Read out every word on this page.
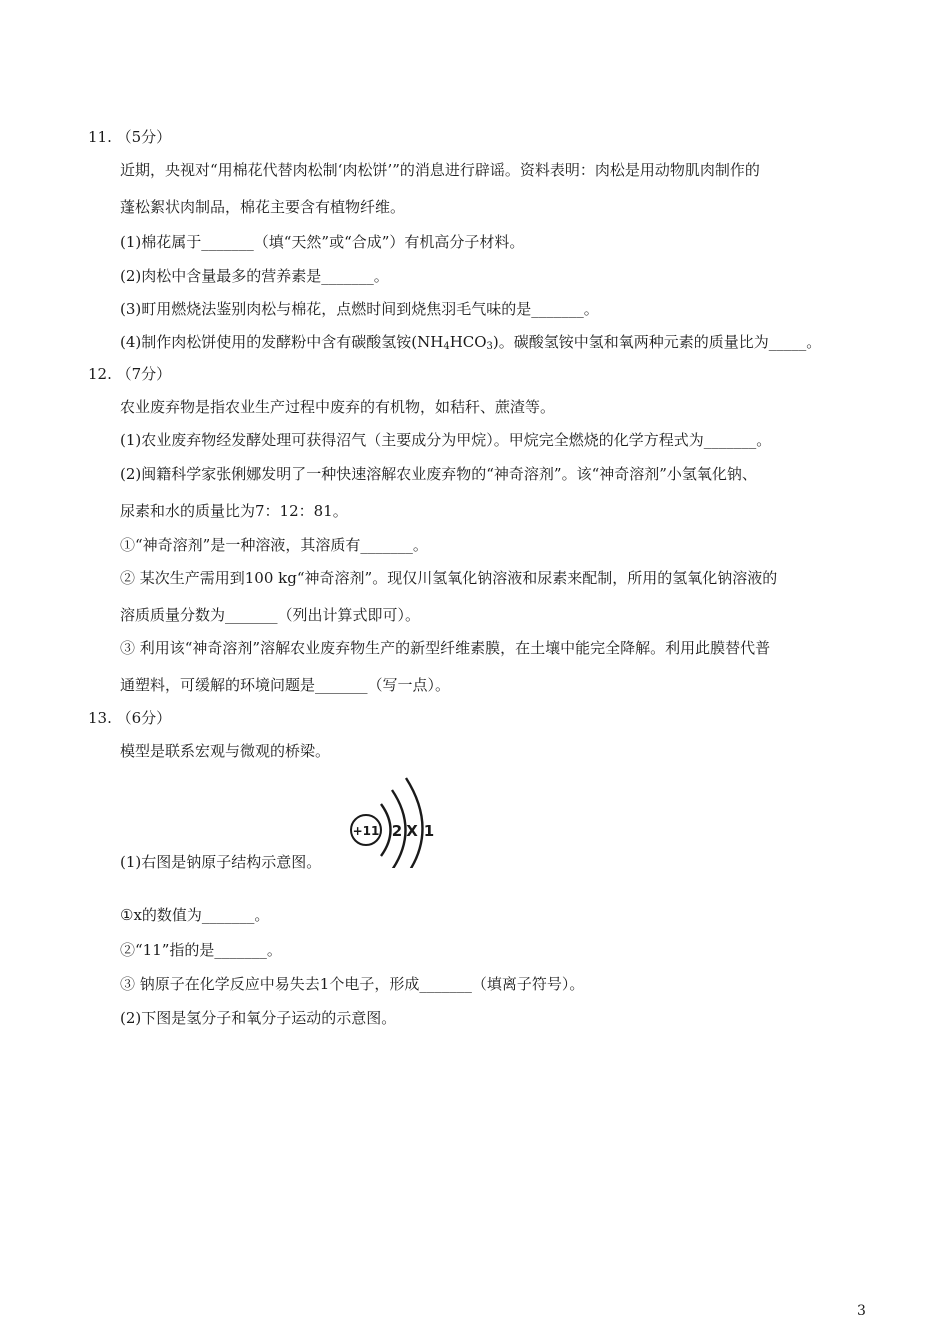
11. （5分）
近期，央视对“用棉花代替肉松制‘肉松饼’”的消息进行辟谣。资料表明：肉松是用动物肌肉制作的
蓬松絮状肉制品，棉花主要含有植物纤维。
(1)棉花属于_______（填“天然”或“合成”）有机高分子材料。
(2)肉松中含量最多的营养素是_______。
(3)町用燃烧法鉴别肉松与棉花，点燃时间到烧焦羽毛气味的是_______。
(4)制作肉松饼使用的发酵粉中含有碳酸氢铵$(NH_4HCO_3)$。碳酸氢铵中氢和氧两种元素的质量比为_____。
12. （7分）
农业废弃物是指农业生产过程中废弃的有机物，如秸秆、蔗渣等。
(1)农业废弃物经发酵处理可获得沼气（主要成分为甲烷）。甲烷完全燃烧的化学方程式为_______。
(2)闽籍科学家张俐娜发明了一种快速溶解农业废弃物的“神奇溶剂”。该“神奇溶剂”小氢氧化钠、
尿素和水的质量比为7：12：81。
①“神奇溶剂”是一种溶液，其溶质有_______。
② 某次生产需用到100 kg“神奇溶剂”。现仅川氢氧化钠溶液和尿素来配制，所用的氢氧化钠溶液的
溶质质量分数为_______（列出计算式即可）。
③ 利用该“神奇溶剂”溶解农业废弃物生产的新型纤维素膜，在土壤中能完全降解。利用此膜替代普
通塑料，可缓解的环境问题是_______（写一点）。
13. （6分）
模型是联系宏观与微观的桥梁。
+11 2 X 1
(1)右图是钠原子结构示意图。
①x的数值为_______。
②“11”指的是_______。
③ 钠原子在化学反应中易失去1个电子，形成_______（填离子符号）。
(2)下图是氢分子和氧分子运动的示意图。
3
